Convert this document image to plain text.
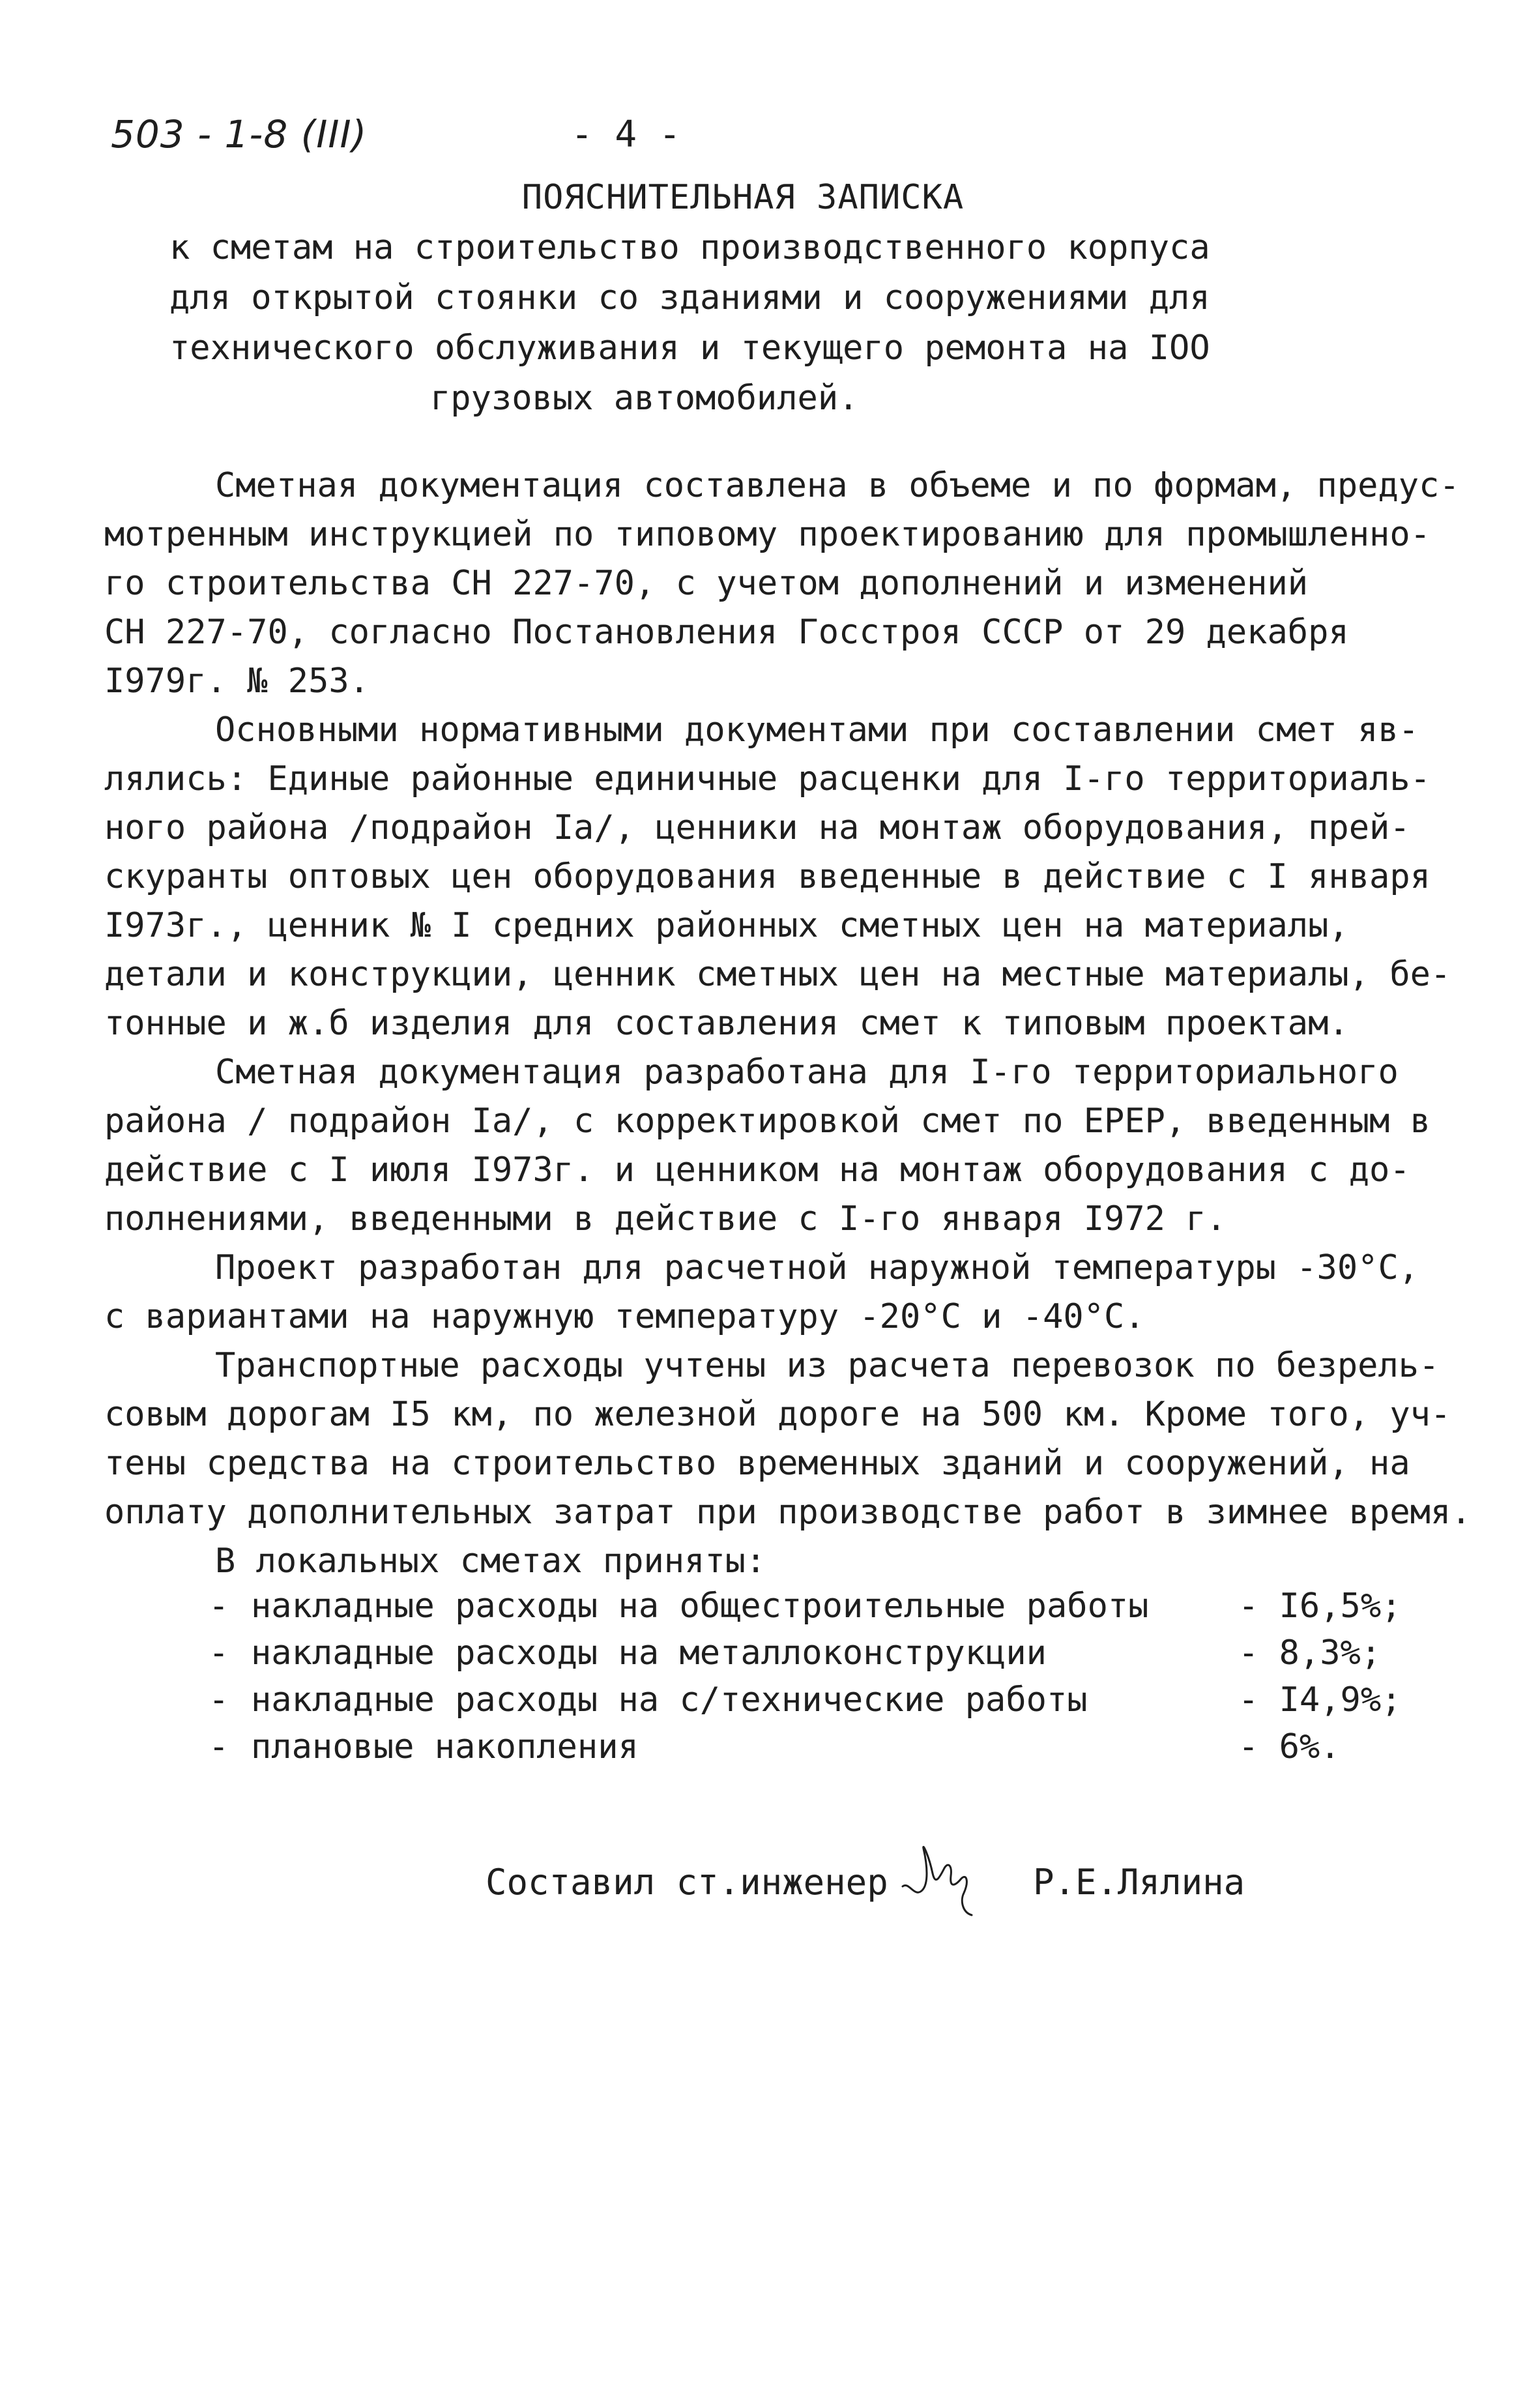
503 - 1-8 (III)	- 4 -
ПОЯСНИТЕЛЬНАЯ ЗАПИСКА
к сметам на строительство производственного корпуса
для открытой стоянки со зданиями и сооружениями для
технического обслуживания и текущего ремонта на IOO
грузовых автомобилей.
Сметная документация составлена в объеме и по формам, предус-
мотренным инструкцией по типовому проектированию для промышленно-
го строительства СН 227-70, с учетом дополнений и изменений
СН 227-70, согласно Постановления Госстроя СССР от 29 декабря
I979г. № 253.
Основными нормативными документами при составлении смет яв-
лялись: Единые районные единичные расценки для I-го территориаль-
ного района /подрайон Iа/, ценники на монтаж оборудования, прей-
скуранты оптовых цен оборудования введенные в действие с I января
I973г., ценник № I средних районных сметных цен на материалы,
детали и конструкции, ценник сметных цен на местные материалы, бе-
тонные и ж.б изделия для составления смет к типовым проектам.
Сметная документация разработана для I-го территориального
района / подрайон Iа/, с корректировкой смет по ЕРЕР, введенным в
действие с I июля I973г. и ценником на монтаж оборудования с до-
полнениями, введенными в действие с I-го января I972 г.
Проект разработан для расчетной наружной температуры -30°С,
с вариантами на наружную температуру -20°С и -40°С.
Транспортные расходы учтены из расчета перевозок по безрель-
совым дорогам I5 км, по железной дороге на 500 км. Кроме того, уч-
тены средства на строительство временных зданий и сооружений, на
оплату дополнительных затрат при производстве работ в зимнее время.
В локальных сметах приняты:
- накладные расходы на общестроительные работы	- I6,5%;
- накладные расходы на металлоконструкции	- 8,3%;
- накладные расходы на с/технические работы	- I4,9%;
- плановые накопления	- 6%.
Составил ст.инженер	Р.Е.Лялина
